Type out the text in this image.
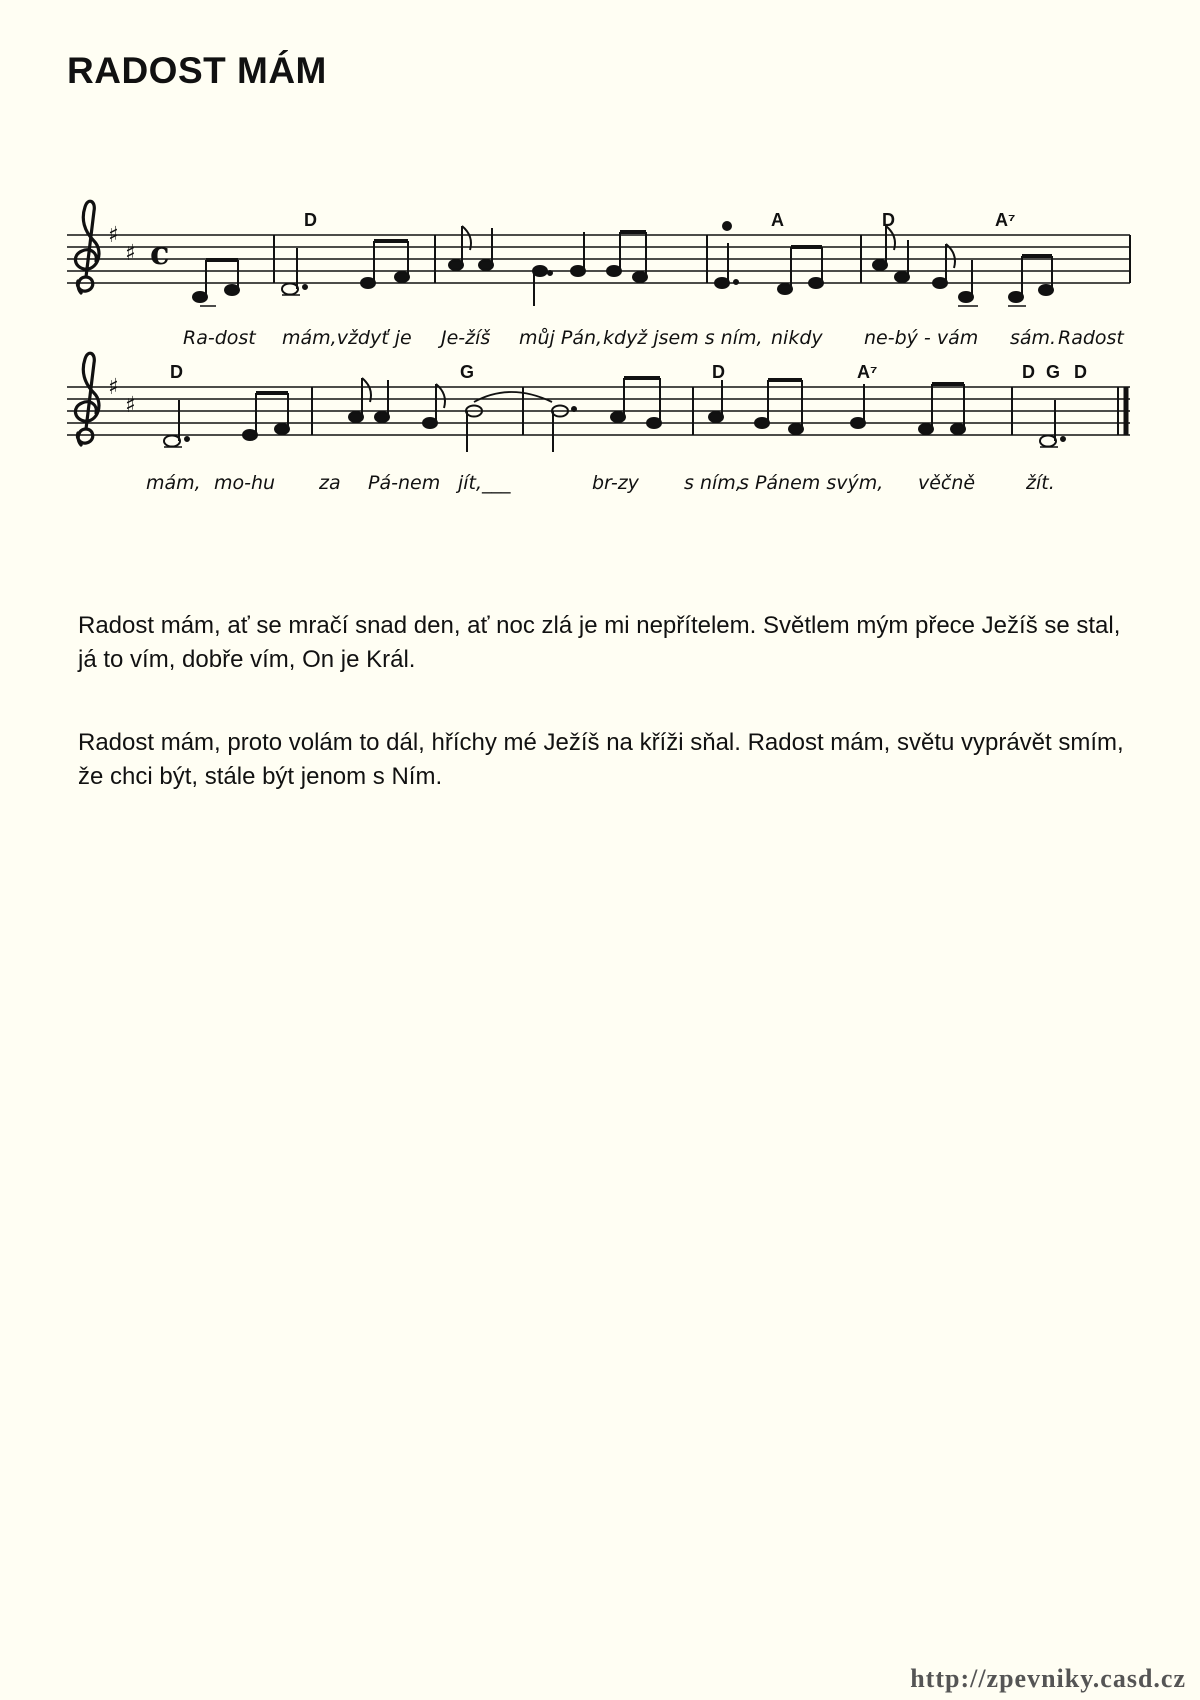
RADOST MÁM
♯
♯ c
D	A	D	A⁷
Ra-dost mám,vždyť je Je-žíš můj Pán, když jsem s ním, nikdy ne-bý - vám sám. Radost
♯
♯
D	G	D	A⁷	D G D
mám, mo-hu za Pá-nem jít,___	br-zy s ním,
s Pánem svým, věčně	žít.

Radost mám, ať se mračí snad den, ať noc zlá je mi nepřítelem. Světlem mým přece Ježíš se stal, já to vím, dobře vím, On je Král.

Radost mám, proto volám to dál, hříchy mé Ježíš na kříži sňal. Radost mám, světu vyprávět smím, že chci být, stále být jenom s Ním.

http://zpevniky.casd.cz
